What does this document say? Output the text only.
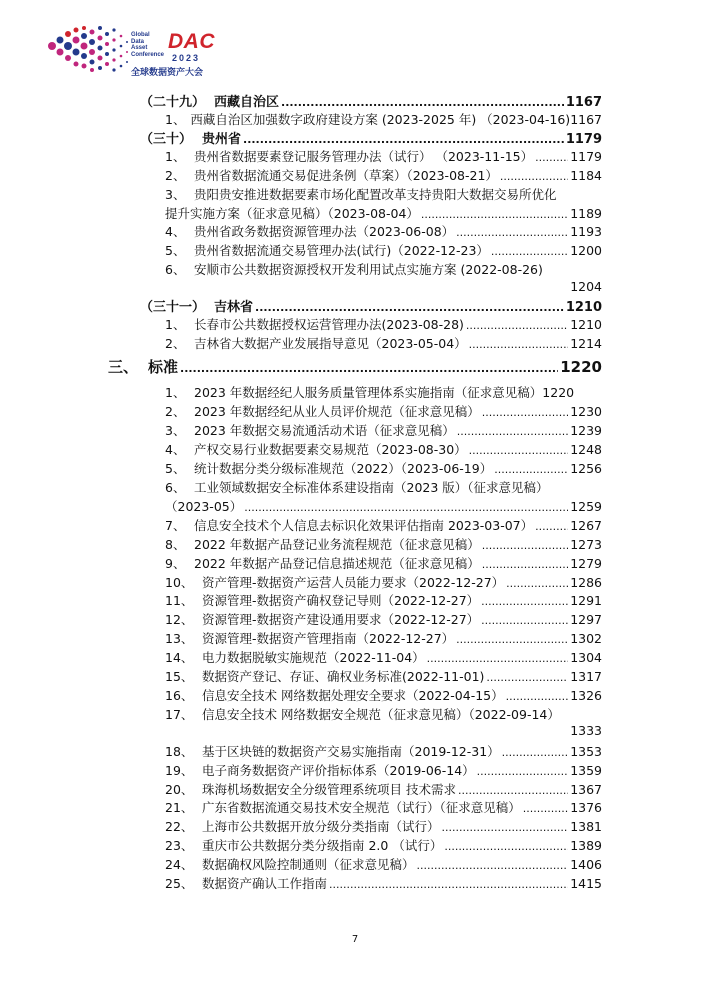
Global
Data
Asset
Conference
DAC
2023
全球数据资产大会
（二十九） 西藏自治区 .....	1167
1、 西藏自治区加强数字政府建设方案 (2023-2025 年) （2023-04-16)1167
（三十） 贵州省 .....	1179
1、 贵州省数据要素登记服务管理办法（试行） （2023-11-15） .....	1179
2、 贵州省数据流通交易促进条例（草案）（2023-08-21） .....	1184
3、 贵阳贵安推进数据要素市场化配置改革支持贵阳大数据交易所优化
提升实施方案（征求意见稿）（2023-08-04） .....	1189
4、 贵州省政务数据资源管理办法（2023-06-08） .....	1193
5、 贵州省数据流通交易管理办法(试行)（2022-12-23） .....	1200
6、 安顺市公共数据资源授权开发利用试点实施方案 (2022-08-26)
1204
（三十一） 吉林省 .....	1210
1、 长春市公共数据授权运营管理办法(2023-08-28) .....	1210
2、 吉林省大数据产业发展指导意见（2023-05-04） .....	1214
三、 标准 .....	1220
1、 2023 年数据经纪人服务质量管理体系实施指南（征求意见稿）1220
2、 2023 年数据经纪从业人员评价规范（征求意见稿） .....	1230
3、 2023 年数据交易流通活动术语（征求意见稿） .....	1239
4、 产权交易行业数据要素交易规范（2023-08-30） .....	1248
5、 统计数据分类分级标准规范（2022）（2023-06-19） .....	1256
6、 工业领域数据安全标准体系建设指南（2023 版）（征求意见稿）
（2023-05） .....	1259
7、 信息安全技术个人信息去标识化效果评估指南 2023-03-07） .....	1267
8、 2022 年数据产品登记业务流程规范（征求意见稿） .....	1273
9、 2022 年数据产品登记信息描述规范（征求意见稿） .....	1279
10、 资产管理-数据资产运营人员能力要求（2022-12-27） .....	1286
11、 资源管理-数据资产确权登记导则（2022-12-27） .....	1291
12、 资源管理-数据资产建设通用要求（2022-12-27） .....	1297
13、 资源管理-数据资产管理指南（2022-12-27） .....	1302
14、 电力数据脱敏实施规范（2022-11-04） .....	1304
15、 数据资产登记、存证、确权业务标准(2022-11-01) .....	1317
16、 信息安全技术 网络数据处理安全要求（2022-04-15） .....	1326
17、 信息安全技术 网络数据安全规范（征求意见稿）（2022-09-14）
1333
18、 基于区块链的数据资产交易实施指南（2019-12-31） .....	1353
19、 电子商务数据资产评价指标体系（2019-06-14） .....	1359
20、 珠海机场数据安全分级管理系统项目 技术需求 .....	1367
21、 广东省数据流通交易技术安全规范（试行）（征求意见稿） .....	1376
22、 上海市公共数据开放分级分类指南（试行） .....	1381
23、 重庆市公共数据分类分级指南 2.0 （试行） .....	1389
24、 数据确权风险控制通则（征求意见稿） .....	1406
25、 数据资产确认工作指南 .....	1415
7
